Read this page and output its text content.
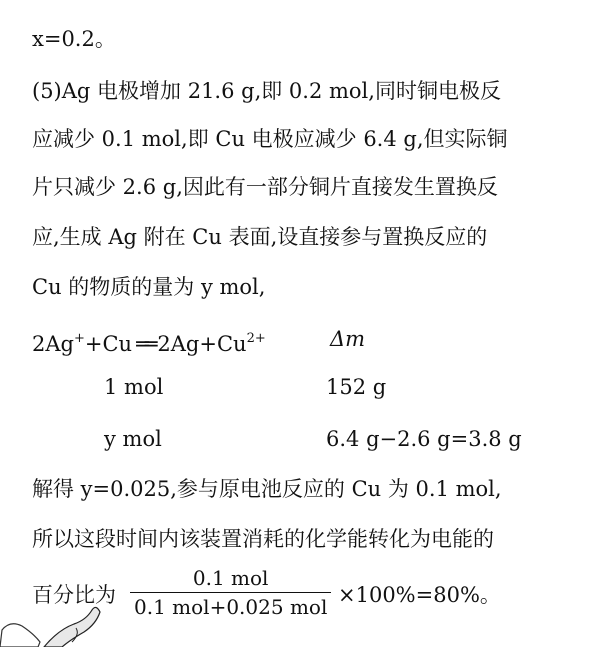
x=0.2。
(5)Ag 电极增加 21.6 g,即 0.2 mol,同时铜电极反
应减少 0.1 mol,即 Cu 电极应减少 6.4 g,但实际铜
片只减少 2.6 g,因此有一部分铜片直接发生置换反
应,生成 Ag 附在 Cu 表面,设直接参与置换反应的
Cu 的物质的量为 y mol,
2Ag++Cu ══ $2Ag+Cu^{2+}$	Δm
1 mol	152 g
y mol	6.4 g−2.6 g=3.8 g
解得 y=0.025,参与原电池反应的 Cu 为 0.1 mol,
所以这段时间内该装置消耗的化学能转化为电能的
百分比为
0.1 mol
0.1 mol+0.025 mol ×100%=80%。
